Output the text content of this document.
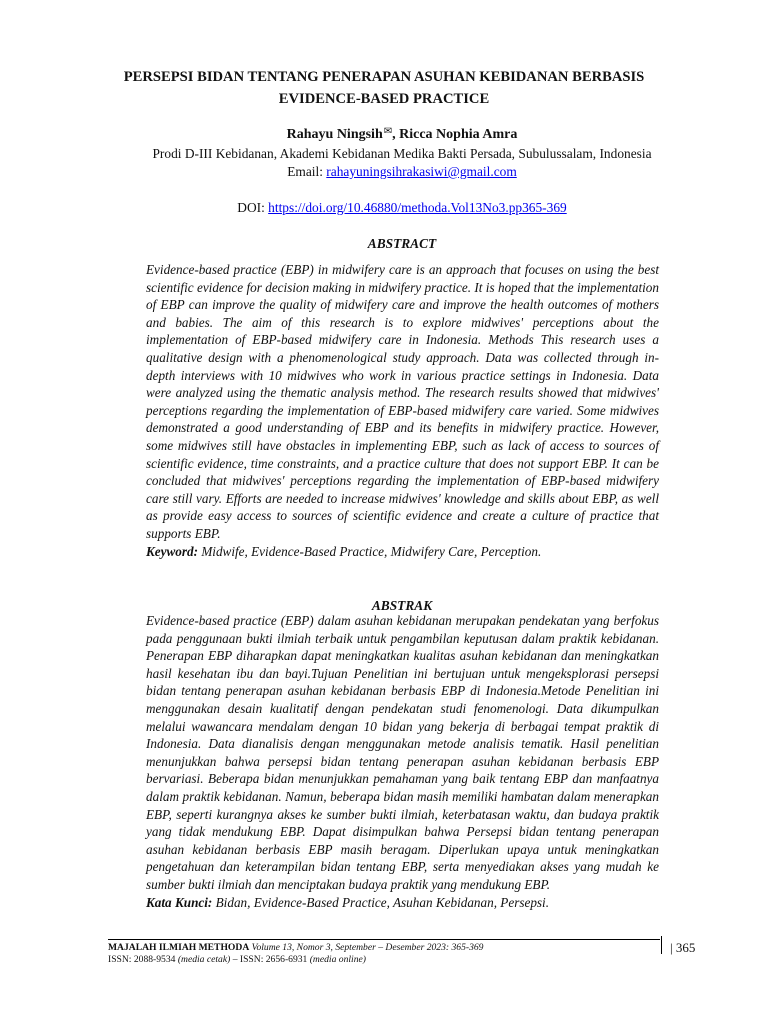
PERSEPSI BIDAN TENTANG PENERAPAN ASUHAN KEBIDANAN BERBASIS
EVIDENCE-BASED PRACTICE
Rahayu Ningsih✉, Ricca Nophia Amra
Prodi D-III Kebidanan, Akademi Kebidanan Medika Bakti Persada, Subulussalam, Indonesia
Email: rahayuningsihrakasiwi@gmail.com
DOI: https://doi.org/10.46880/methoda.Vol13No3.pp365-369
ABSTRACT

Evidence-based practice (EBP) in midwifery care is an approach that focuses on using the best scientific evidence for decision making in midwifery practice. It is hoped that the implementation of EBP can improve the quality of midwifery care and improve the health outcomes of mothers and babies. The aim of this research is to explore midwives' perceptions about the implementation of EBP-based midwifery care in Indonesia. Methods This research uses a qualitative design with a phenomenological study approach. Data was collected through in-depth interviews with 10 midwives who work in various practice settings in Indonesia. Data were analyzed using the thematic analysis method. The research results showed that midwives' perceptions regarding the implementation of EBP-based midwifery care varied. Some midwives demonstrated a good understanding of EBP and its benefits in midwifery practice. However, some midwives still have obstacles in implementing EBP, such as lack of access to sources of scientific evidence, time constraints, and a practice culture that does not support EBP. It can be concluded that midwives' perceptions regarding the implementation of EBP-based midwifery care still vary. Efforts are needed to increase midwives' knowledge and skills about EBP, as well as provide easy access to sources of scientific evidence and create a culture of practice that supports EBP.

Keyword: Midwife, Evidence-Based Practice, Midwifery Care, Perception.

ABSTRAK

Evidence-based practice (EBP) dalam asuhan kebidanan merupakan pendekatan yang berfokus pada penggunaan bukti ilmiah terbaik untuk pengambilan keputusan dalam praktik kebidanan. Penerapan EBP diharapkan dapat meningkatkan kualitas asuhan kebidanan dan meningkatkan hasil kesehatan ibu dan bayi.Tujuan Penelitian ini bertujuan untuk mengeksplorasi persepsi bidan tentang penerapan asuhan kebidanan berbasis EBP di Indonesia.Metode Penelitian ini menggunakan desain kualitatif dengan pendekatan studi fenomenologi. Data dikumpulkan melalui wawancara mendalam dengan 10 bidan yang bekerja di berbagai tempat praktik di Indonesia. Data dianalisis dengan menggunakan metode analisis tematik. Hasil penelitian menunjukkan bahwa persepsi bidan tentang penerapan asuhan kebidanan berbasis EBP bervariasi. Beberapa bidan menunjukkan pemahaman yang baik tentang EBP dan manfaatnya dalam praktik kebidanan. Namun, beberapa bidan masih memiliki hambatan dalam menerapkan EBP, seperti kurangnya akses ke sumber bukti ilmiah, keterbatasan waktu, dan budaya praktik yang tidak mendukung EBP. Dapat disimpulkan bahwa Persepsi bidan tentang penerapan asuhan kebidanan berbasis EBP masih beragam. Diperlukan upaya untuk meningkatkan pengetahuan dan keterampilan bidan tentang EBP, serta menyediakan akses yang mudah ke sumber bukti ilmiah dan menciptakan budaya praktik yang mendukung EBP.

Kata Kunci: Bidan, Evidence-Based Practice, Asuhan Kebidanan, Persepsi.

MAJALAH ILMIAH METHODA Volume 13, Nomor 3, September – Desember 2023: 365-369
ISSN: 2088-9534 (media cetak) – ISSN: 2656-6931 (media online)
| 365
